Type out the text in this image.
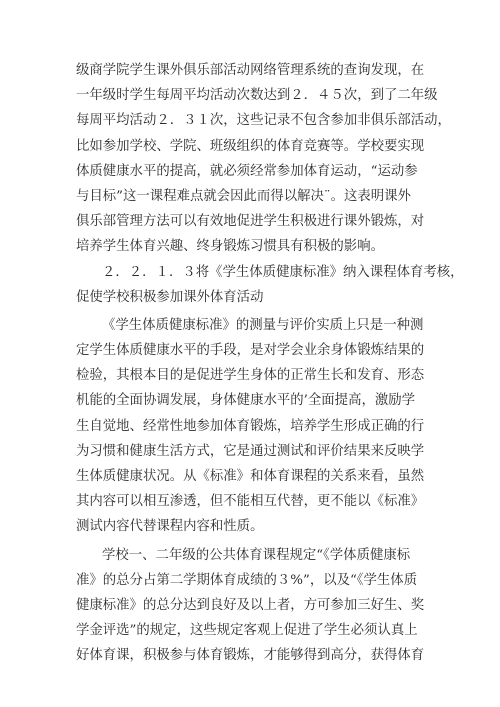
级商学院学生课外俱乐部活动网络管理系统的查询发现，在
一年级时学生每周平均活动次数达到２．４５次，到了二年级
每周平均活动２．３１次，这些记录不包含参加非俱乐部活动，
比如参加学校、学院、班级组织的体育竞赛等。学校要实现
体质健康水平的提高，就必须经常参加体育运动，“运动参
与目标”这一课程难点就会因此而得以解决¨。这表明课外
俱乐部管理方法可以有效地促进学生积极进行课外锻炼，对
培养学生体育兴趣、终身锻炼习惯具有积极的影响。
２．２．１．３将《学生体质健康标准》纳入课程体育考核，
促使学校积极参加课外体育活动
《学生体质健康标准》的测量与评价实质上只是一种测
定学生体质健康水平的手段，是对学会业余身体锻炼结果的
检验，其根本目的是促进学生身体的正常生长和发育、形态
机能的全面协调发展，身体健康水平的’全面提高，激励学
生自觉地、经常性地参加体育锻炼，培养学生形成正确的行
为习惯和健康生活方式，它是通过测试和评价结果来反映学
生体质健康状况。从《标准》和体育课程的关系来看，虽然
其内容可以相互渗透，但不能相互代替，更不能以《标准》
测试内容代替课程内容和性质。
学校一、二年级的公共体育课程规定“《学体质健康标
准》的总分占第二学期体育成绩的３%”，以及“《学生体质
健康标准》的总分达到良好及以上者，方可参加三好生、奖
学金评选”的规定，这些规定客观上促进了学生必须认真上
好体育课，积极参与体育锻炼，才能够得到高分，获得体育
